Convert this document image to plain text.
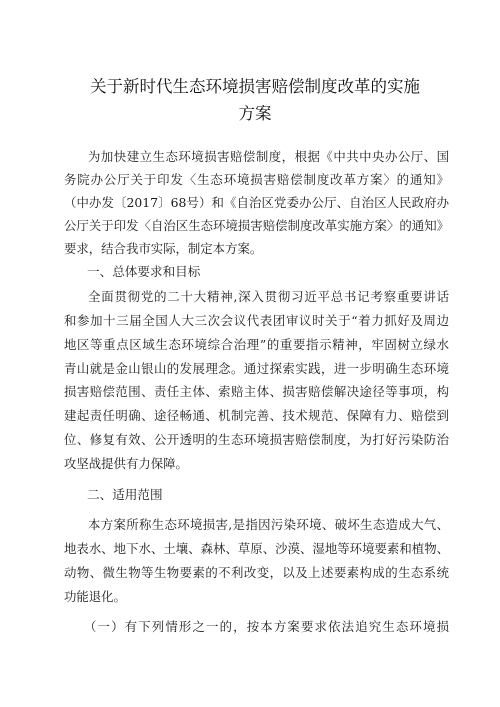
关于新时代生态环境损害赔偿制度改革的实施
方案
为加快建立生态环境损害赔偿制度，根据《中共中央办公厅、国
务院办公厅关于印发〈生态环境损害赔偿制度改革方案〉的通知》
（中办发〔2017〕68号）和《自治区党委办公厅、自治区人民政府办
公厅关于印发〈自治区生态环境损害赔偿制度改革实施方案〉的通知》
要求，结合我市实际，制定本方案。
一、总体要求和目标
全面贯彻党的二十大精神,深入贯彻习近平总书记考察重要讲话
和参加十三届全国人大三次会议代表团审议时关于“着力抓好及周边
地区等重点区域生态环境综合治理”的重要指示精神，牢固树立绿水
青山就是金山银山的发展理念。通过探索实践，进一步明确生态环境
损害赔偿范围、责任主体、索赔主体、损害赔偿解决途径等事项，构
建起责任明确、途径畅通、机制完善、技术规范、保障有力、赔偿到
位、修复有效、公开透明的生态环境损害赔偿制度，为打好污染防治
攻坚战提供有力保障。
二、适用范围
本方案所称生态环境损害,是指因污染环境、破坏生态造成大气、
地表水、地下水、土壤、森林、草原、沙漠、湿地等环境要素和植物、
动物、微生物等生物要素的不利改变，以及上述要素构成的生态系统
功能退化。
（一）有下列情形之一的，按本方案要求依法追究生态环境损
